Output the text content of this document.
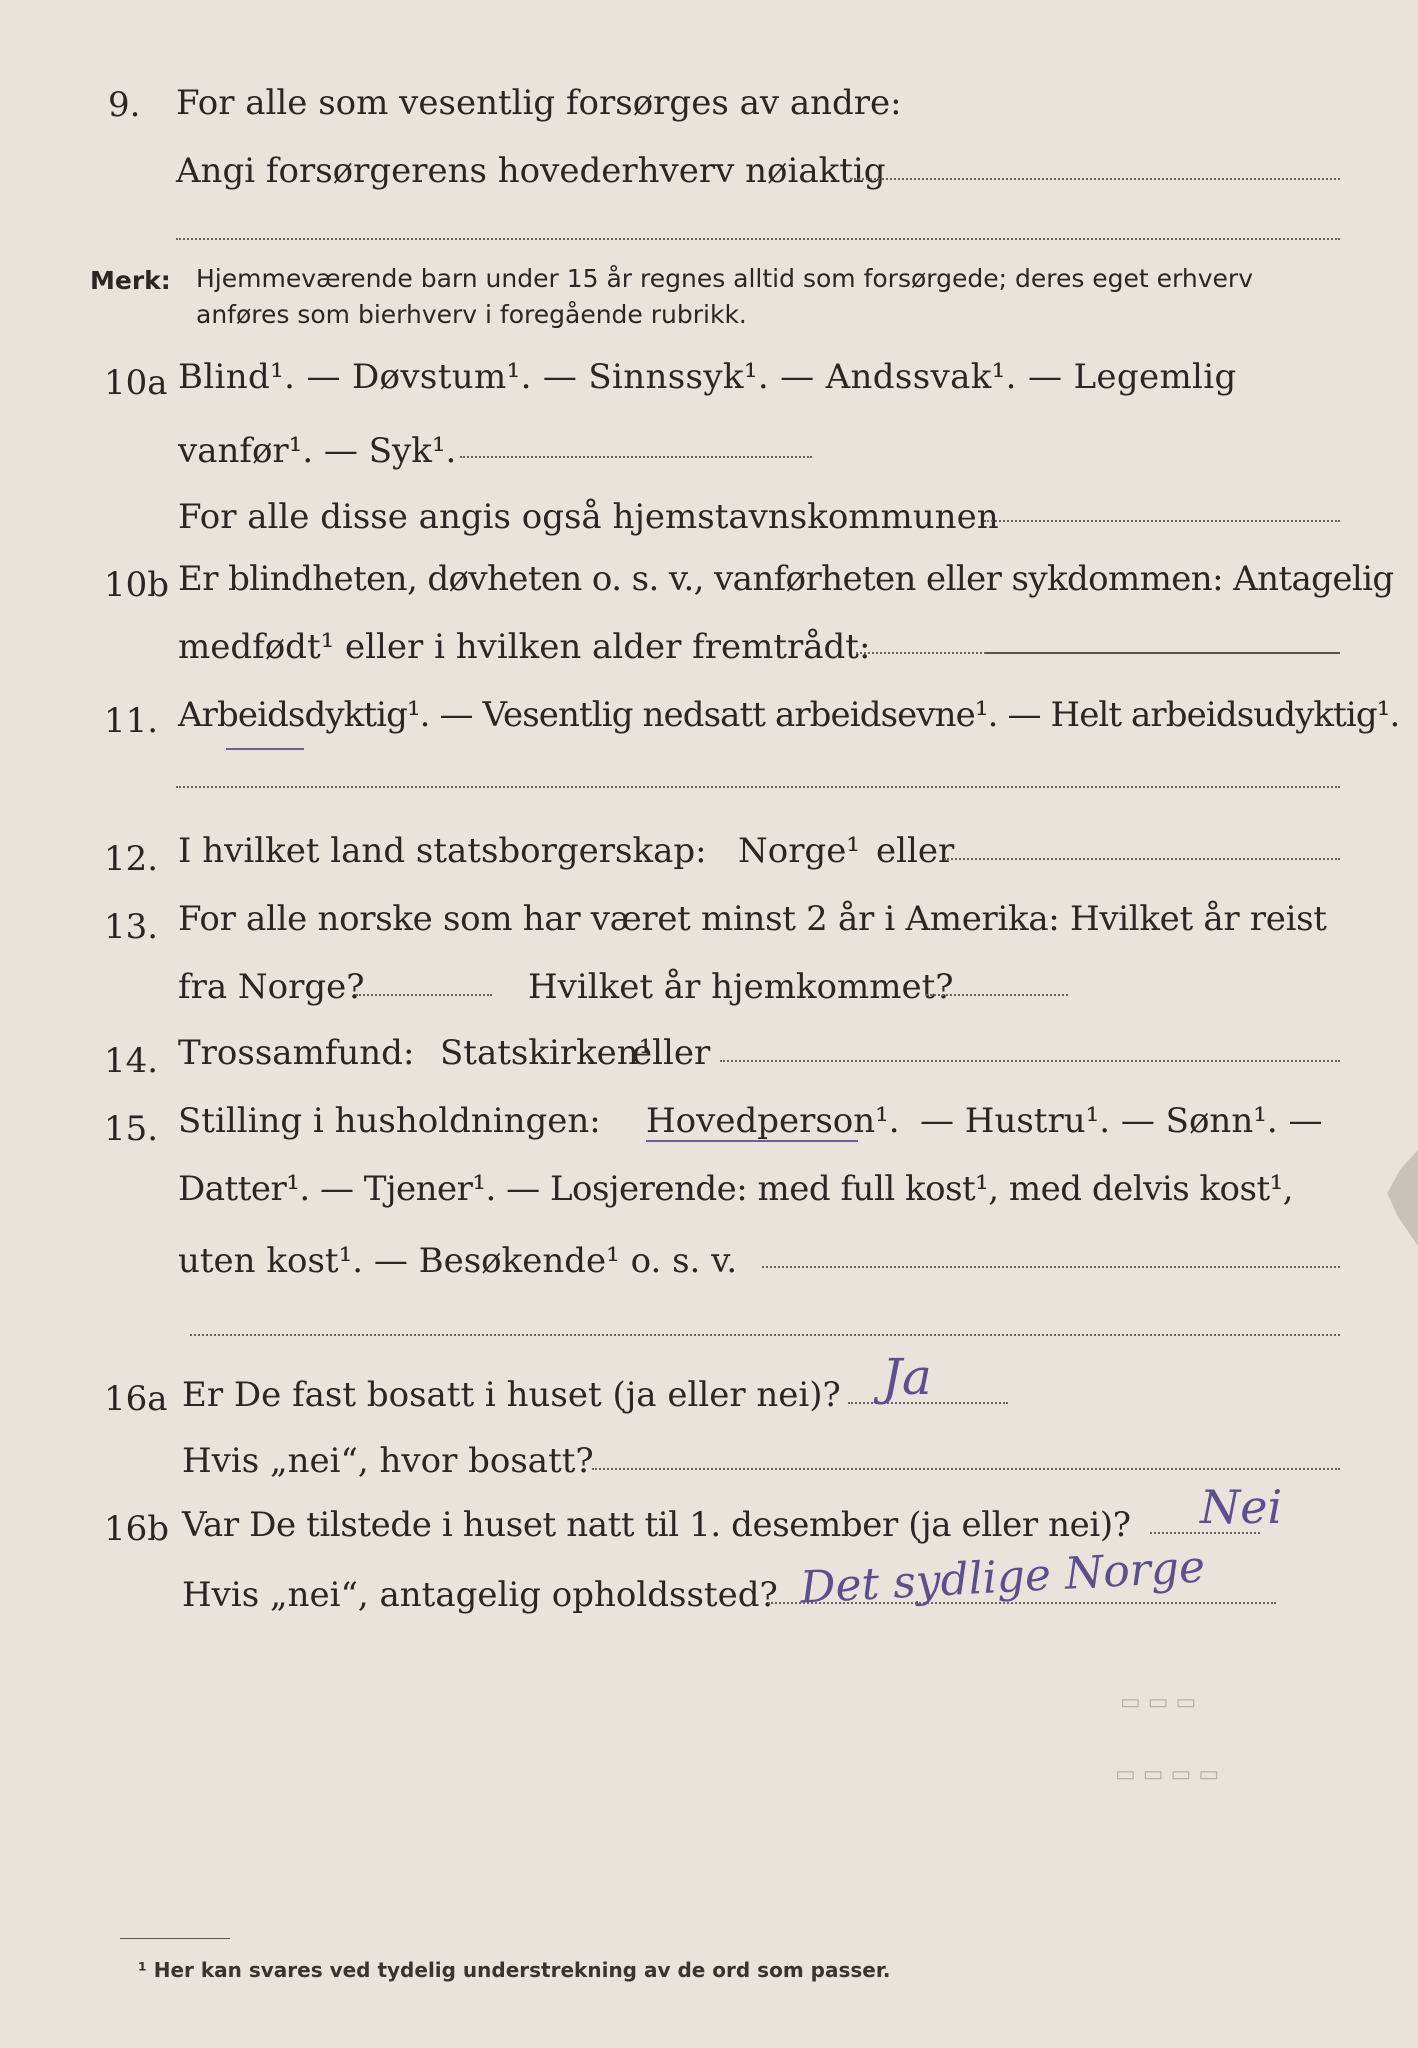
9. For alle som vesentlig forsørges av andre:
Angi forsørgerens hovederhverv nøiaktig
Merk: Hjemmeværende barn under 15 år regnes alltid som forsørgede; deres eget erhverv
anføres som bierhverv i foregående rubrikk.
10a Blind¹. — Døvstum¹. — Sinnssyk¹. — Andssvak¹. — Legemlig
vanfør¹. — Syk¹.
For alle disse angis også hjemstavnskommunen
10b Er blindheten, døvheten o. s. v., vanførheten eller sykdommen: Antagelig
medfødt¹ eller i hvilken alder fremtrådt:
11. Arbeidsdyktig¹. — Vesentlig nedsatt arbeidsevne¹. — Helt arbeidsudyktig¹.
12. I hvilket land statsborgerskap: Norge¹ eller
13. For alle norske som har været minst 2 år i Amerika: Hvilket år reist
fra Norge?	Hvilket år hjemkommet?
14. Trossamfund: Statskirken¹
eller
15. Stilling i husholdningen: Hovedperson¹. — Hustru¹. — Sønn¹. —
Datter¹. — Tjener¹. — Losjerende: med full kost¹, med delvis kost¹,
uten kost¹. — Besøkende¹ o. s. v.
16a Er De fast bosatt i huset (ja eller nei)? Ja
Hvis „nei“, hvor bosatt?
16b Var De tilstede i huset natt til 1. desember (ja eller nei)? Nei
Hvis „nei“, antagelig opholdssted? Det sydlige Norge
▭ ▭ ▭
▭ ▭ ▭ ▭
¹ Her kan svares ved tydelig understrekning av de ord som passer.
